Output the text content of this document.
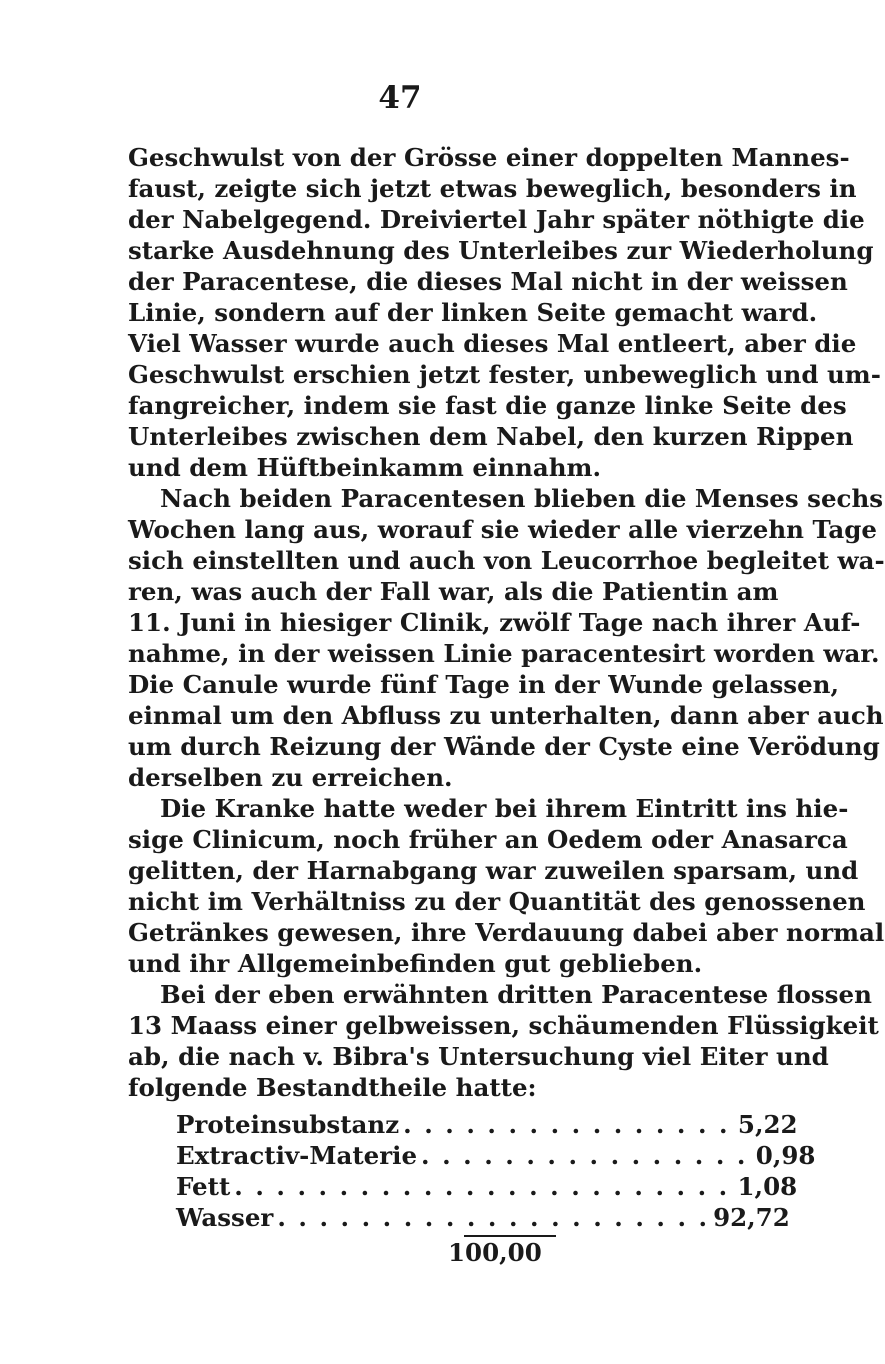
47
Geschwulst von der Grösse einer doppelten Mannes-
faust, zeigte sich jetzt etwas beweglich, besonders in
der Nabelgegend. Dreiviertel Jahr später nöthigte die
starke Ausdehnung des Unterleibes zur Wiederholung
der Paracentese, die dieses Mal nicht in der weissen
Linie, sondern auf der linken Seite gemacht ward.
Viel Wasser wurde auch dieses Mal entleert, aber die
Geschwulst erschien jetzt fester, unbeweglich und um-
fangreicher, indem sie fast die ganze linke Seite des
Unterleibes zwischen dem Nabel, den kurzen Rippen
und dem Hüftbeinkamm einnahm.
Nach beiden Paracentesen blieben die Menses sechs
Wochen lang aus, worauf sie wieder alle vierzehn Tage
sich einstellten und auch von Leucorrhoe begleitet wa-
ren, was auch der Fall war, als die Patientin am
11. Juni in hiesiger Clinik, zwölf Tage nach ihrer Auf-
nahme, in der weissen Linie paracentesirt worden war.
Die Canule wurde fünf Tage in der Wunde gelassen,
einmal um den Abfluss zu unterhalten, dann aber auch
um durch Reizung der Wände der Cyste eine Verödung
derselben zu erreichen.
Die Kranke hatte weder bei ihrem Eintritt ins hie-
sige Clinicum, noch früher an Oedem oder Anasarca
gelitten, der Harnabgang war zuweilen sparsam, und
nicht im Verhältniss zu der Quantität des genossenen
Getränkes gewesen, ihre Verdauung dabei aber normal
und ihr Allgemeinbefinden gut geblieben.
Bei der eben erwähnten dritten Paracentese flossen
13 Maass einer gelbweissen, schäumenden Flüssigkeit
ab, die nach v. Bibra's Untersuchung viel Eiter und
folgende Bestandtheile hatte:
Proteinsubstanz . . . . . . . . . . . . . . . . 5,22
Extractiv-Materie . . . . . . . . . . . . . . . . 0,98
Fett . . . . . . . . . . . . . . . . . . . . . . . . 1,08
Wasser . . . . . . . . . . . . . . . . . . . . . 92,72
100,00
